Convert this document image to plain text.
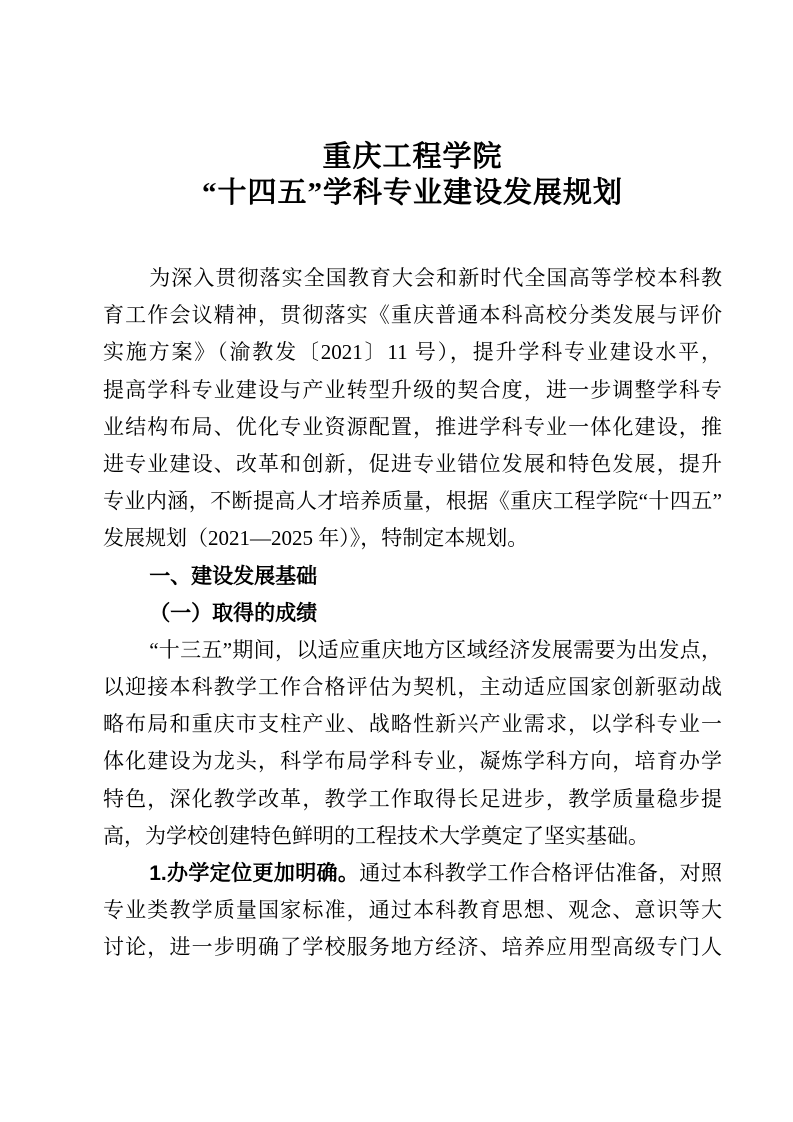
重庆工程学院
“十四五”学科专业建设发展规划
为深入贯彻落实全国教育大会和新时代全国高等学校本科教
育工作会议精神，贯彻落实《重庆普通本科高校分类发展与评价
实施方案》（渝教发〔2021〕11 号），提升学科专业建设水平，
提高学科专业建设与产业转型升级的契合度，进一步调整学科专
业结构布局、优化专业资源配置，推进学科专业一体化建设，推
进专业建设、改革和创新，促进专业错位发展和特色发展，提升
专业内涵，不断提高人才培养质量，根据《重庆工程学院“十四五”
发展规划（2021—2025 年）》，特制定本规划。
一、建设发展基础
（一）取得的成绩
“十三五”期间，以适应重庆地方区域经济发展需要为出发点，
以迎接本科教学工作合格评估为契机，主动适应国家创新驱动战
略布局和重庆市支柱产业、战略性新兴产业需求，以学科专业一
体化建设为龙头，科学布局学科专业，凝炼学科方向，培育办学
特色，深化教学改革，教学工作取得长足进步，教学质量稳步提
高，为学校创建特色鲜明的工程技术大学奠定了坚实基础。
1.办学定位更加明确。通过本科教学工作合格评估准备，对照
专业类教学质量国家标准，通过本科教育思想、观念、意识等大
讨论，进一步明确了学校服务地方经济、培养应用型高级专门人
